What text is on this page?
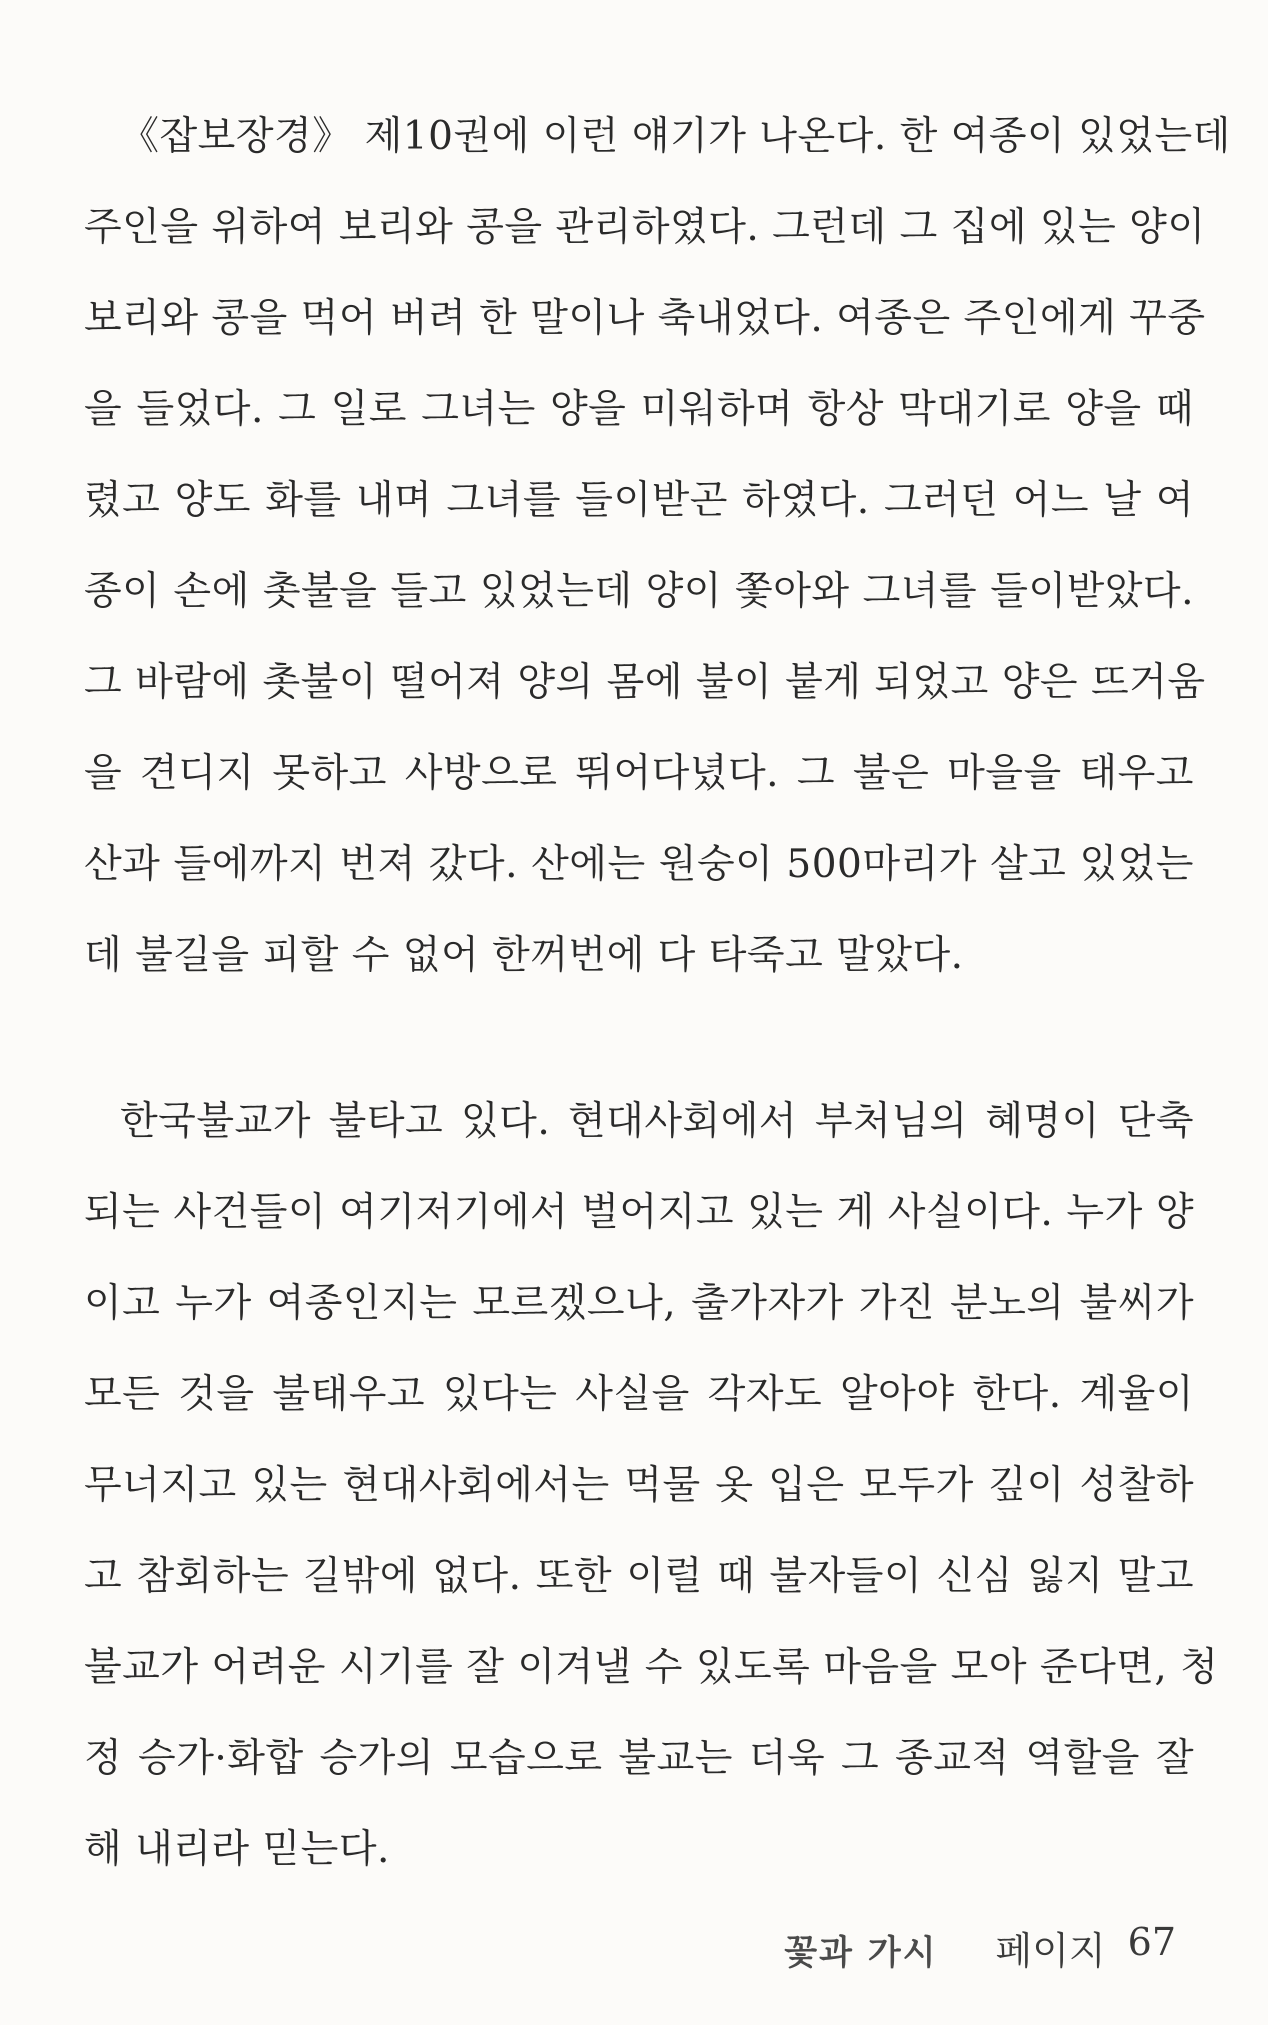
《잡보장경》 제10권에 이런 얘기가 나온다. 한 여종이 있었는데
주인을 위하여 보리와 콩을 관리하였다. 그런데 그 집에 있는 양이
보리와 콩을 먹어 버려 한 말이나 축내었다. 여종은 주인에게 꾸중
을 들었다. 그 일로 그녀는 양을 미워하며 항상 막대기로 양을 때
렸고 양도 화를 내며 그녀를 들이받곤 하였다. 그러던 어느 날 여
종이 손에 촛불을 들고 있었는데 양이 쫓아와 그녀를 들이받았다.
그 바람에 촛불이 떨어져 양의 몸에 불이 붙게 되었고 양은 뜨거움
을 견디지 못하고 사방으로 뛰어다녔다. 그 불은 마을을 태우고
산과 들에까지 번져 갔다. 산에는 원숭이 500마리가 살고 있었는
데 불길을 피할 수 없어 한꺼번에 다 타죽고 말았다.
한국불교가 불타고 있다. 현대사회에서 부처님의 혜명이 단축
되는 사건들이 여기저기에서 벌어지고 있는 게 사실이다. 누가 양
이고 누가 여종인지는 모르겠으나, 출가자가 가진 분노의 불씨가
모든 것을 불태우고 있다는 사실을 각자도 알아야 한다. 계율이
무너지고 있는 현대사회에서는 먹물 옷 입은 모두가 깊이 성찰하
고 참회하는 길밖에 없다. 또한 이럴 때 불자들이 신심 잃지 말고
불교가 어려운 시기를 잘 이겨낼 수 있도록 마음을 모아 준다면, 청
정 승가·화합 승가의 모습으로 불교는 더욱 그 종교적 역할을 잘
해 내리라 믿는다.
꽃과 가시 페이지 67
